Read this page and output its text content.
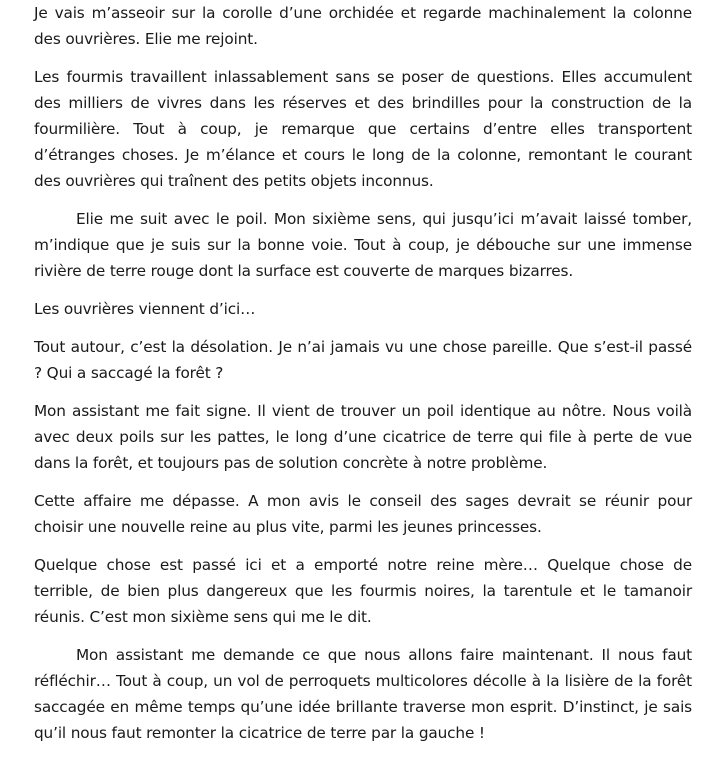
Je vais m’asseoir sur la corolle d’une orchidée et regarde machinalement la colonne des ouvrières. Elie me rejoint.

Les fourmis travaillent inlassablement sans se poser de questions. Elles accumulent des milliers de vivres dans les réserves et des brindilles pour la construction de la fourmilière. Tout à coup, je remarque que certains d’entre elles transportent d’étranges choses. Je m’élance et cours le long de la colonne, remontant le courant des ouvrières qui traînent des petits objets inconnus.

Elie me suit avec le poil. Mon sixième sens, qui jusqu’ici m’avait laissé tomber, m’indique que je suis sur la bonne voie. Tout à coup, je débouche sur une immense rivière de terre rouge dont la surface est couverte de marques bizarres.

Les ouvrières viennent d’ici…

Tout autour, c’est la désolation. Je n’ai jamais vu une chose pareille. Que s’est-il passé ? Qui a saccagé la forêt ?

Mon assistant me fait signe. Il vient de trouver un poil identique au nôtre. Nous voilà avec deux poils sur les pattes, le long d’une cicatrice de terre qui file à perte de vue dans la forêt, et toujours pas de solution concrète à notre problème.

Cette affaire me dépasse. A mon avis le conseil des sages devrait se réunir pour choisir une nouvelle reine au plus vite, parmi les jeunes princesses.

Quelque chose est passé ici et a emporté notre reine mère… Quelque chose de terrible, de bien plus dangereux que les fourmis noires, la tarentule et le tamanoir réunis. C’est mon sixième sens qui me le dit.

Mon assistant me demande ce que nous allons faire maintenant. Il nous faut réfléchir… Tout à coup, un vol de perroquets multicolores décolle à la lisière de la forêt saccagée en même temps qu’une idée brillante traverse mon esprit. D’instinct, je sais qu’il nous faut remonter la cicatrice de terre par la gauche !
